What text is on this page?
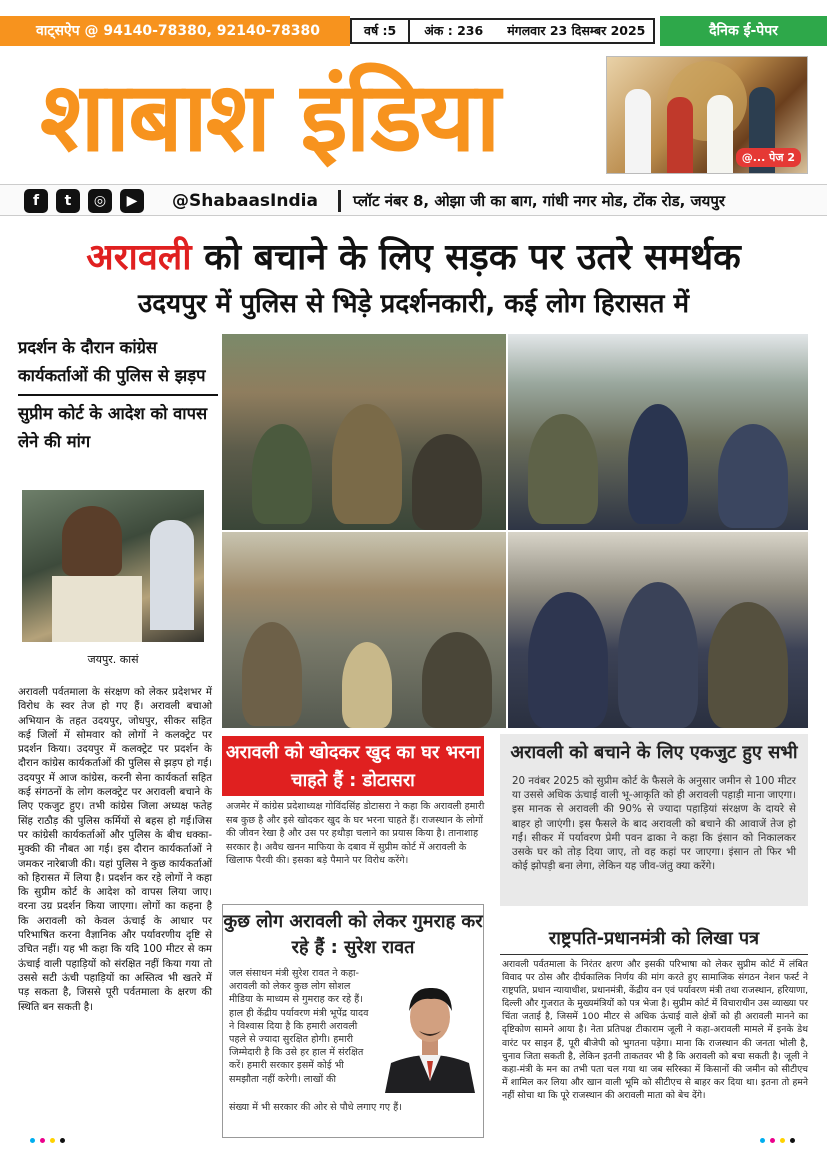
वाट्सऐप @ 94140-78380, 92140-78380	वर्ष :5	अंक : 236	मंगलवार 23 दिसम्बर 2025	दैनिक ई-पेपर
शाबाश इंडिया	@... पेज 2
f	t	◎	▶	@ShabaasIndia	प्लॉट नंबर 8, ओझा जी का बाग, गांधी नगर मोड, टोंक रोड, जयपुर
अरावली को बचाने के लिए सड़क पर उतरे समर्थक
उदयपुर में पुलिस से भिड़े प्रदर्शनकारी, कई लोग हिरासत में
प्रदर्शन के दौरान कांग्रेस कार्यकर्ताओं की पुलिस से झड़प
सुप्रीम कोर्ट के आदेश को वापस लेने की मांग
जयपुर. कासं
अरावली पर्वतमाला के संरक्षण को लेकर प्रदेशभर में विरोध के स्वर तेज हो गए हैं। अरावली बचाओ अभियान के तहत उदयपुर, जोधपुर, सीकर सहित कई जिलों में सोमवार को लोगों ने कलक्ट्रेट पर प्रदर्शन किया। उदयपुर में कलक्ट्रेट पर प्रदर्शन के दौरान कांग्रेस कार्यकर्ताओं की पुलिस से झड़प हो गई। उदयपुर में आज कांग्रेस, करनी सेना कार्यकर्ता सहित कई संगठनों के लोग कलक्ट्रेट पर अरावली बचाने के लिए एकजुट हुए। तभी कांग्रेस जिला अध्यक्ष फतेह सिंह राठौड़ की पुलिस कर्मियों से बहस हो गई।जिस पर कांग्रेसी कार्यकर्ताओं और पुलिस के बीच धक्का-मुक्की की नौबत आ गई। इस दौरान कार्यकर्ताओं ने जमकर नारेबाजी की। यहां पुलिस ने कुछ कार्यकर्ताओं को हिरासत में लिया है। प्रदर्शन कर रहे लोगों ने कहा कि सुप्रीम कोर्ट के आदेश को वापस लिया जाए। वरना उग्र प्रदर्शन किया जाएगा। लोगों का कहना है कि अरावली को केवल ऊंचाई के आधार पर परिभाषित करना वैज्ञानिक और पर्यावरणीय दृष्टि से उचित नहीं। यह भी कहा कि यदि 100 मीटर से कम ऊंचाई वाली पहाड़ियों को संरक्षित नहीं किया गया तो उससे सटी ऊंची पहाड़ियों का अस्तित्व भी खतरे में पड़ सकता है, जिससे पूरी पर्वतमाला के क्षरण की स्थिति बन सकती है।
अरावली को खोदकर खुद का घर भरना चाहते हैं : डोटासरा
अजमेर में कांग्रेस प्रदेशाध्यक्ष गोविंदसिंह डोटासरा ने कहा कि अरावली हमारी सब कुछ है और इसे खोदकर खुद के घर भरना चाहते हैं। राजस्थान के लोगों की जीवन रेखा है और उस पर हथौड़ा चलाने का प्रयास किया है। तानाशाह सरकार है। अवैध खनन माफिया के दबाव में सुप्रीम कोर्ट में अरावली के खिलाफ पैरवी की। इसका बड़े पैमाने पर विरोध करेंगे।
अरावली को बचाने के लिए एकजुट हुए सभी
20 नवंबर 2025 को सुप्रीम कोर्ट के फैसले के अनुसार जमीन से 100 मीटर या उससे अधिक ऊंचाई वाली भू-आकृति को ही अरावली पहाड़ी माना जाएगा। इस मानक से अरावली की 90% से ज्यादा पहाड़ियां संरक्षण के दायरे से बाहर हो जाएंगी। इस फैसले के बाद अरावली को बचाने की आवाजें तेज हो गईं। सीकर में पर्यावरण प्रेमी पवन ढाका ने कहा कि इंसान को निकालकर उसके घर को तोड़ दिया जाए, तो वह कहां पर जाएगा। इंसान तो फिर भी कोई झोपड़ी बना लेगा, लेकिन यह जीव-जंतु क्या करेंगे।
कुछ लोग अरावली को लेकर गुमराह कर रहे हैं : सुरेश रावत
जल संसाधन मंत्री सुरेश रावत ने कहा- अरावली को लेकर कुछ लोग सोशल मीडिया के माध्यम से गुमराह कर रहे हैं। हाल ही केंद्रीय पर्यावरण मंत्री भूपेंद्र यादव ने विश्वास दिया है कि हमारी अरावली पहले से ज्यादा सुरक्षित होगी। हमारी जिम्मेदारी है कि उसे हर हाल में संरक्षित करें। हमारी सरकार इसमें कोई भी समझौता नहीं करेगी। लाखों की
संख्या में भी सरकार की ओर से पौधे लगाए गए हैं।
राष्ट्रपति-प्रधानमंत्री को लिखा पत्र
अरावली पर्वतमाला के निरंतर क्षरण और इसकी परिभाषा को लेकर सुप्रीम कोर्ट में लंबित विवाद पर ठोस और दीर्घकालिक निर्णय की मांग करते हुए सामाजिक संगठन नेशन फर्स्ट ने राष्ट्रपति, प्रधान न्यायाधीश, प्रधानमंत्री, केंद्रीय वन एवं पर्यावरण मंत्री तथा राजस्थान, हरियाणा, दिल्ली और गुजरात के मुख्यमंत्रियों को पत्र भेजा है। सुप्रीम कोर्ट में विचाराधीन उस व्याख्या पर चिंता जताई है, जिसमें 100 मीटर से अधिक ऊंचाई वाले क्षेत्रों को ही अरावली मानने का दृष्टिकोण सामने आया है। नेता प्रतिपक्ष टीकाराम जूली ने कहा-अरावली मामले में इनके डेथ वारंट पर साइन हैं, पूरी बीजेपी को भुगतना पड़ेगा। माना कि राजस्थान की जनता भोली है, चुनाव जिता सकती है, लेकिन इतनी ताकतवर भी है कि अरावली को बचा सकती है। जूली ने कहा-मंत्री के मन का तभी पता चल गया था जब सरिस्का में किसानों की जमीन को सीटीएच में शामिल कर लिया और खान वाली भूमि को सीटीएच से बाहर कर दिया था। इतना तो हमने नहीं सोचा था कि पूरे राजस्थान की अरावली माता को बेच देंगे।
